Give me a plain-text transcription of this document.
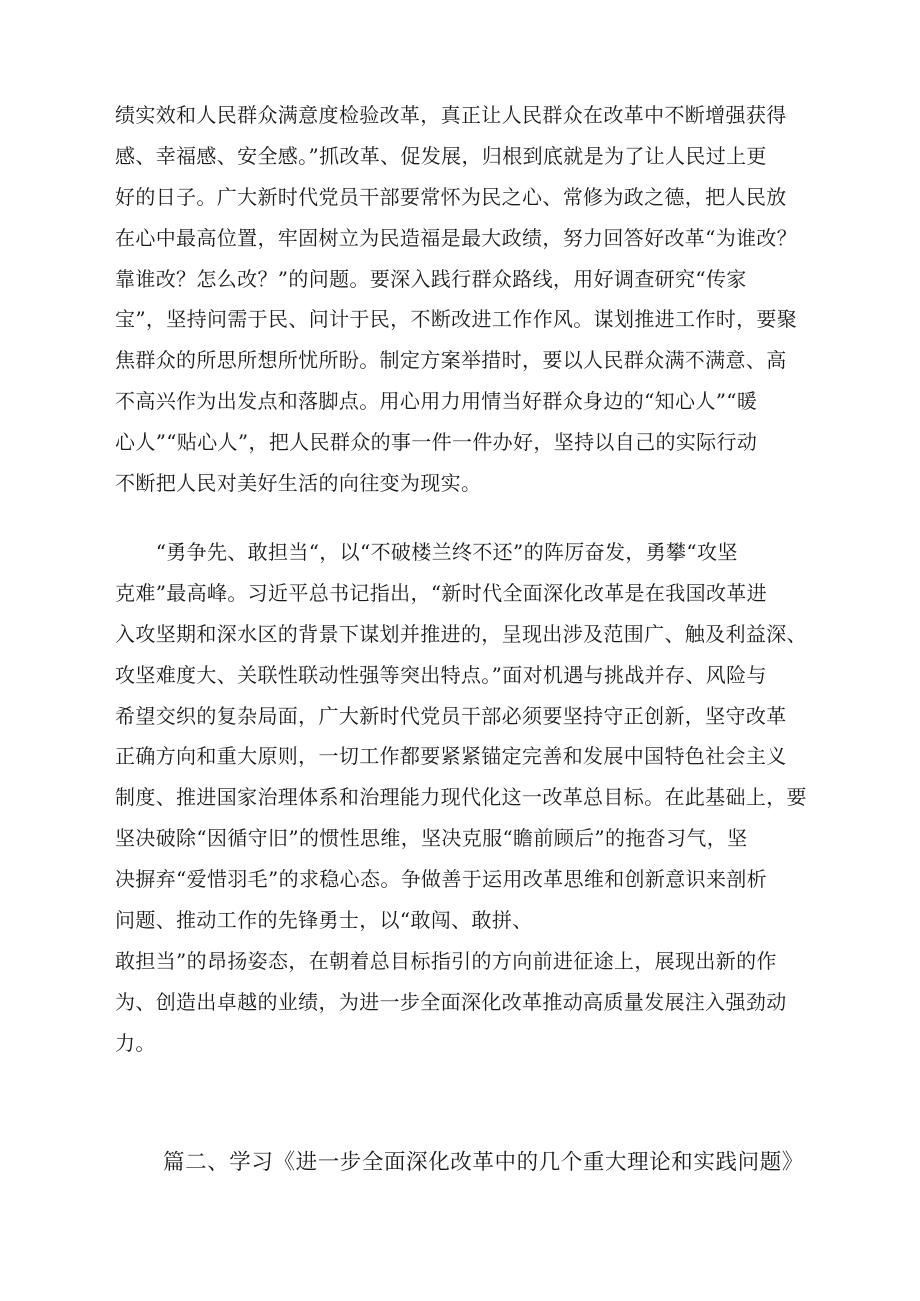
绩实效和人民群众满意度检验改革，真正让人民群众在改革中不断增强获得
感、幸福感、安全感。”抓改革、促发展，归根到底就是为了让人民过上更
好的日子。广大新时代党员干部要常怀为民之心、常修为政之德，把人民放
在心中最高位置，牢固树立为民造福是最大政绩，努力回答好改革“为谁改？
靠谁改？怎么改？”的问题。要深入践行群众路线，用好调查研究“传家
宝”，坚持问需于民、问计于民，不断改进工作作风。谋划推进工作时，要聚
焦群众的所思所想所忧所盼。制定方案举措时，要以人民群众满不满意、高
不高兴作为出发点和落脚点。用心用力用情当好群众身边的“知心人”“暖
心人”“贴心人”，把人民群众的事一件一件办好，坚持以自己的实际行动
不断把人民对美好生活的向往变为现实。
　　“勇争先、敢担当“，以“不破楼兰终不还”的阵厉奋发，勇攀“攻坚
克难”最高峰。习近平总书记指出，“新时代全面深化改革是在我国改革进
入攻坚期和深水区的背景下谋划并推进的，呈现出涉及范围广、触及利益深、
攻坚难度大、关联性联动性强等突出特点。”面对机遇与挑战并存、风险与
希望交织的复杂局面，广大新时代党员干部必须要坚持守正创新，坚守改革
正确方向和重大原则，一切工作都要紧紧锚定完善和发展中国特色社会主义
制度、推进国家治理体系和治理能力现代化这一改革总目标。在此基础上，要
坚决破除“因循守旧”的惯性思维，坚决克服“瞻前顾后”的拖沓习气，坚
决摒弃“爱惜羽毛”的求稳心态。争做善于运用改革思维和创新意识来剖析
问题、推动工作的先锋勇士，以“敢闯、敢拼、
敢担当”的昂扬姿态，在朝着总目标指引的方向前进征途上，展现出新的作
为、创造出卓越的业绩，为进一步全面深化改革推动高质量发展注入强劲动
力。
篇二、学习《进一步全面深化改革中的几个重大理论和实践问题》
